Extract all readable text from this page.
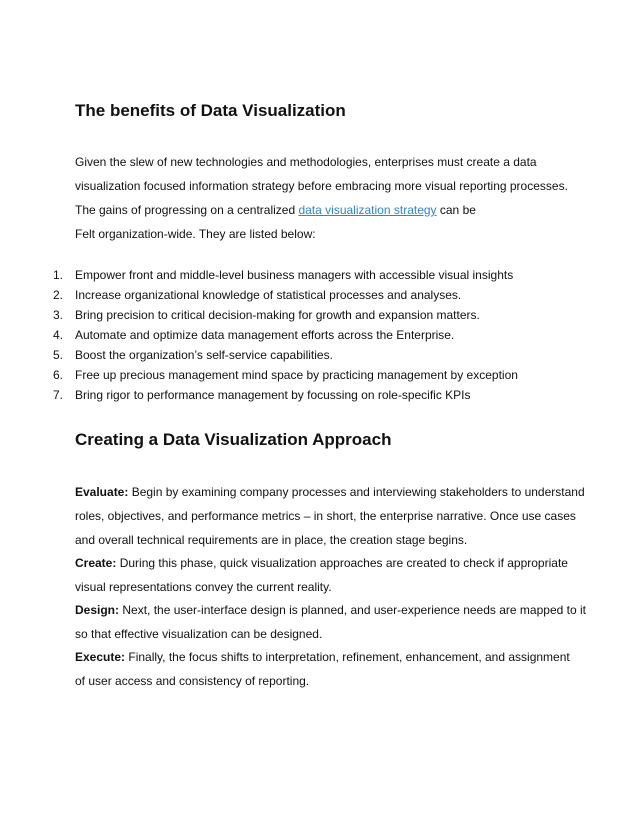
The benefits of Data Visualization
Given the slew of new technologies and methodologies, enterprises must create a data
visualization focused information strategy before embracing more visual reporting processes.
The gains of progressing on a centralized data visualization strategy can be
Felt organization-wide. They are listed below:
1. Empower front and middle-level business managers with accessible visual insights
2. Increase organizational knowledge of statistical processes and analyses.
3. Bring precision to critical decision-making for growth and expansion matters.
4. Automate and optimize data management efforts across the Enterprise.
5. Boost the organization’s self-service capabilities.
6. Free up precious management mind space by practicing management by exception
7. Bring rigor to performance management by focussing on role-specific KPIs
Creating a Data Visualization Approach
Evaluate: Begin by examining company processes and interviewing stakeholders to understand
roles, objectives, and performance metrics – in short, the enterprise narrative. Once use cases
and overall technical requirements are in place, the creation stage begins.
Create: During this phase, quick visualization approaches are created to check if appropriate
visual representations convey the current reality.
Design: Next, the user-interface design is planned, and user-experience needs are mapped to it
so that effective visualization can be designed.
Execute: Finally, the focus shifts to interpretation, refinement, enhancement, and assignment
of user access and consistency of reporting.
